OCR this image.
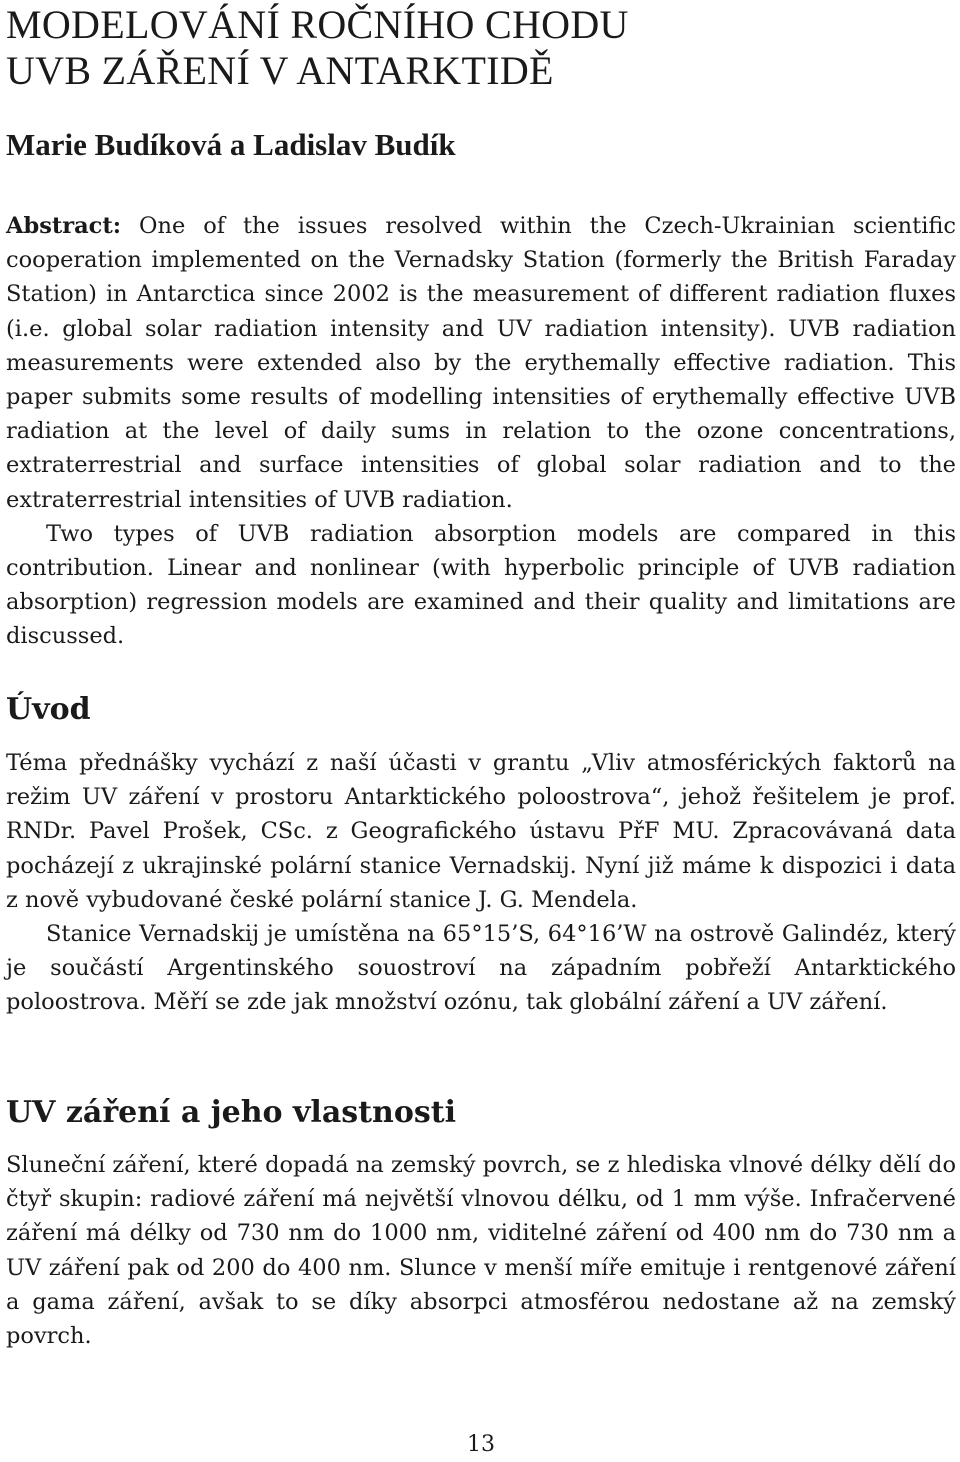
MODELOVÁNÍ ROČNÍHO CHODU
UVB ZÁŘENÍ V ANTARKTIDĚ
Marie Budíková a Ladislav Budík

Abstract: One of the issues resolved within the Czech-Ukrainian scientific cooperation implemented on the Vernadsky Station (formerly the British Faraday Station) in Antarctica since 2002 is the measurement of different radiation fluxes (i.e. global solar radiation intensity and UV radiation intensity). UVB radiation measurements were extended also by the erythemally effective radiation. This paper submits some results of modelling intensities of erythemally effective UVB radiation at the level of daily sums in relation to the ozone concentrations, extraterrestrial and surface intensities of global solar radiation and to the extraterrestrial intensities of UVB radiation.

Two types of UVB radiation absorption models are compared in this contribution. Linear and nonlinear (with hyperbolic principle of UVB radiation absorption) regression models are examined and their quality and limitations are discussed.

Úvod

Téma přednášky vychází z naší účasti v grantu „Vliv atmosférických faktorů na režim UV záření v prostoru Antarktického poloostrova“, jehož řešitelem je prof. RNDr. Pavel Prošek, CSc. z Geografického ústavu PřF MU. Zpracovávaná data pocházejí z ukrajinské polární stanice Vernadskij. Nyní již máme k dispozici i data z nově vybudované české polární stanice J. G. Mendela.

Stanice Vernadskij je umístěna na 65°15’S, 64°16’W na ostrově Galindéz, který je součástí Argentinského souostroví na západním pobřeží Antarktického poloostrova. Měří se zde jak množství ozónu, tak globální záření a UV záření.

UV záření a jeho vlastnosti

Sluneční záření, které dopadá na zemský povrch, se z hlediska vlnové délky dělí do čtyř skupin: radiové záření má největší vlnovou délku, od 1 mm výše. Infračervené záření má délky od 730 nm do 1000 nm, viditelné záření od 400 nm do 730 nm a UV záření pak od 200 do 400 nm. Slunce v menší míře emituje i rentgenové záření a gama záření, avšak to se díky absorpci atmosférou nedostane až na zemský povrch.

13
